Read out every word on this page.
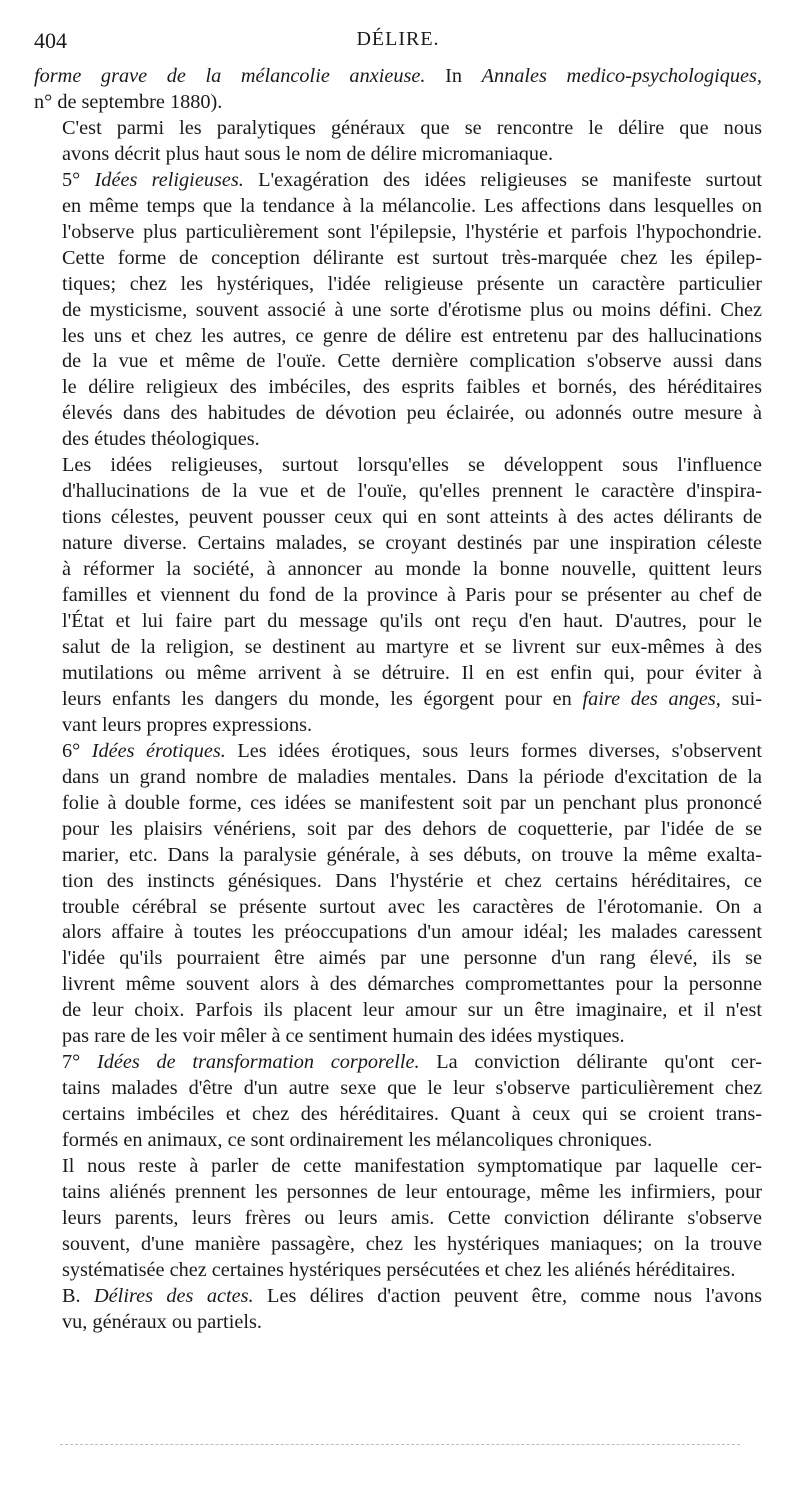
404	DÉLIRE.

forme grave de la mélancolie anxieuse. In Annales medico-psychologiques,
n° de septembre 1880).

C'est parmi les paralytiques généraux que se rencontre le délire que nous
avons décrit plus haut sous le nom de délire micromaniaque.

5° Idées religieuses. L'exagération des idées religieuses se manifeste surtout
en même temps que la tendance à la mélancolie. Les affections dans lesquelles on
l'observe plus particulièrement sont l'épilepsie, l'hystérie et parfois l'hypochondrie.
Cette forme de conception délirante est surtout très-marquée chez les épilep-
tiques; chez les hystériques, l'idée religieuse présente un caractère particulier
de mysticisme, souvent associé à une sorte d'érotisme plus ou moins défini. Chez
les uns et chez les autres, ce genre de délire est entretenu par des hallucinations
de la vue et même de l'ouïe. Cette dernière complication s'observe aussi dans
le délire religieux des imbéciles, des esprits faibles et bornés, des héréditaires
élevés dans des habitudes de dévotion peu éclairée, ou adonnés outre mesure à
des études théologiques.

Les idées religieuses, surtout lorsqu'elles se développent sous l'influence
d'hallucinations de la vue et de l'ouïe, qu'elles prennent le caractère d'inspira-
tions célestes, peuvent pousser ceux qui en sont atteints à des actes délirants de
nature diverse. Certains malades, se croyant destinés par une inspiration céleste
à réformer la société, à annoncer au monde la bonne nouvelle, quittent leurs
familles et viennent du fond de la province à Paris pour se présenter au chef de
l'État et lui faire part du message qu'ils ont reçu d'en haut. D'autres, pour le
salut de la religion, se destinent au martyre et se livrent sur eux-mêmes à des
mutilations ou même arrivent à se détruire. Il en est enfin qui, pour éviter à
leurs enfants les dangers du monde, les égorgent pour en faire des anges, sui-
vant leurs propres expressions.

6° Idées érotiques. Les idées érotiques, sous leurs formes diverses, s'observent
dans un grand nombre de maladies mentales. Dans la période d'excitation de la
folie à double forme, ces idées se manifestent soit par un penchant plus prononcé
pour les plaisirs vénériens, soit par des dehors de coquetterie, par l'idée de se
marier, etc. Dans la paralysie générale, à ses débuts, on trouve la même exalta-
tion des instincts génésiques. Dans l'hystérie et chez certains héréditaires, ce
trouble cérébral se présente surtout avec les caractères de l'érotomanie. On a
alors affaire à toutes les préoccupations d'un amour idéal; les malades caressent
l'idée qu'ils pourraient être aimés par une personne d'un rang élevé, ils se
livrent même souvent alors à des démarches compromettantes pour la personne
de leur choix. Parfois ils placent leur amour sur un être imaginaire, et il n'est
pas rare de les voir mêler à ce sentiment humain des idées mystiques.

7° Idées de transformation corporelle. La conviction délirante qu'ont cer-
tains malades d'être d'un autre sexe que le leur s'observe particulièrement chez
certains imbéciles et chez des héréditaires. Quant à ceux qui se croient trans-
formés en animaux, ce sont ordinairement les mélancoliques chroniques.

Il nous reste à parler de cette manifestation symptomatique par laquelle cer-
tains aliénés prennent les personnes de leur entourage, même les infirmiers, pour
leurs parents, leurs frères ou leurs amis. Cette conviction délirante s'observe
souvent, d'une manière passagère, chez les hystériques maniaques; on la trouve
systématisée chez certaines hystériques persécutées et chez les aliénés héréditaires.

B. Délires des actes. Les délires d'action peuvent être, comme nous l'avons
vu, généraux ou partiels.
